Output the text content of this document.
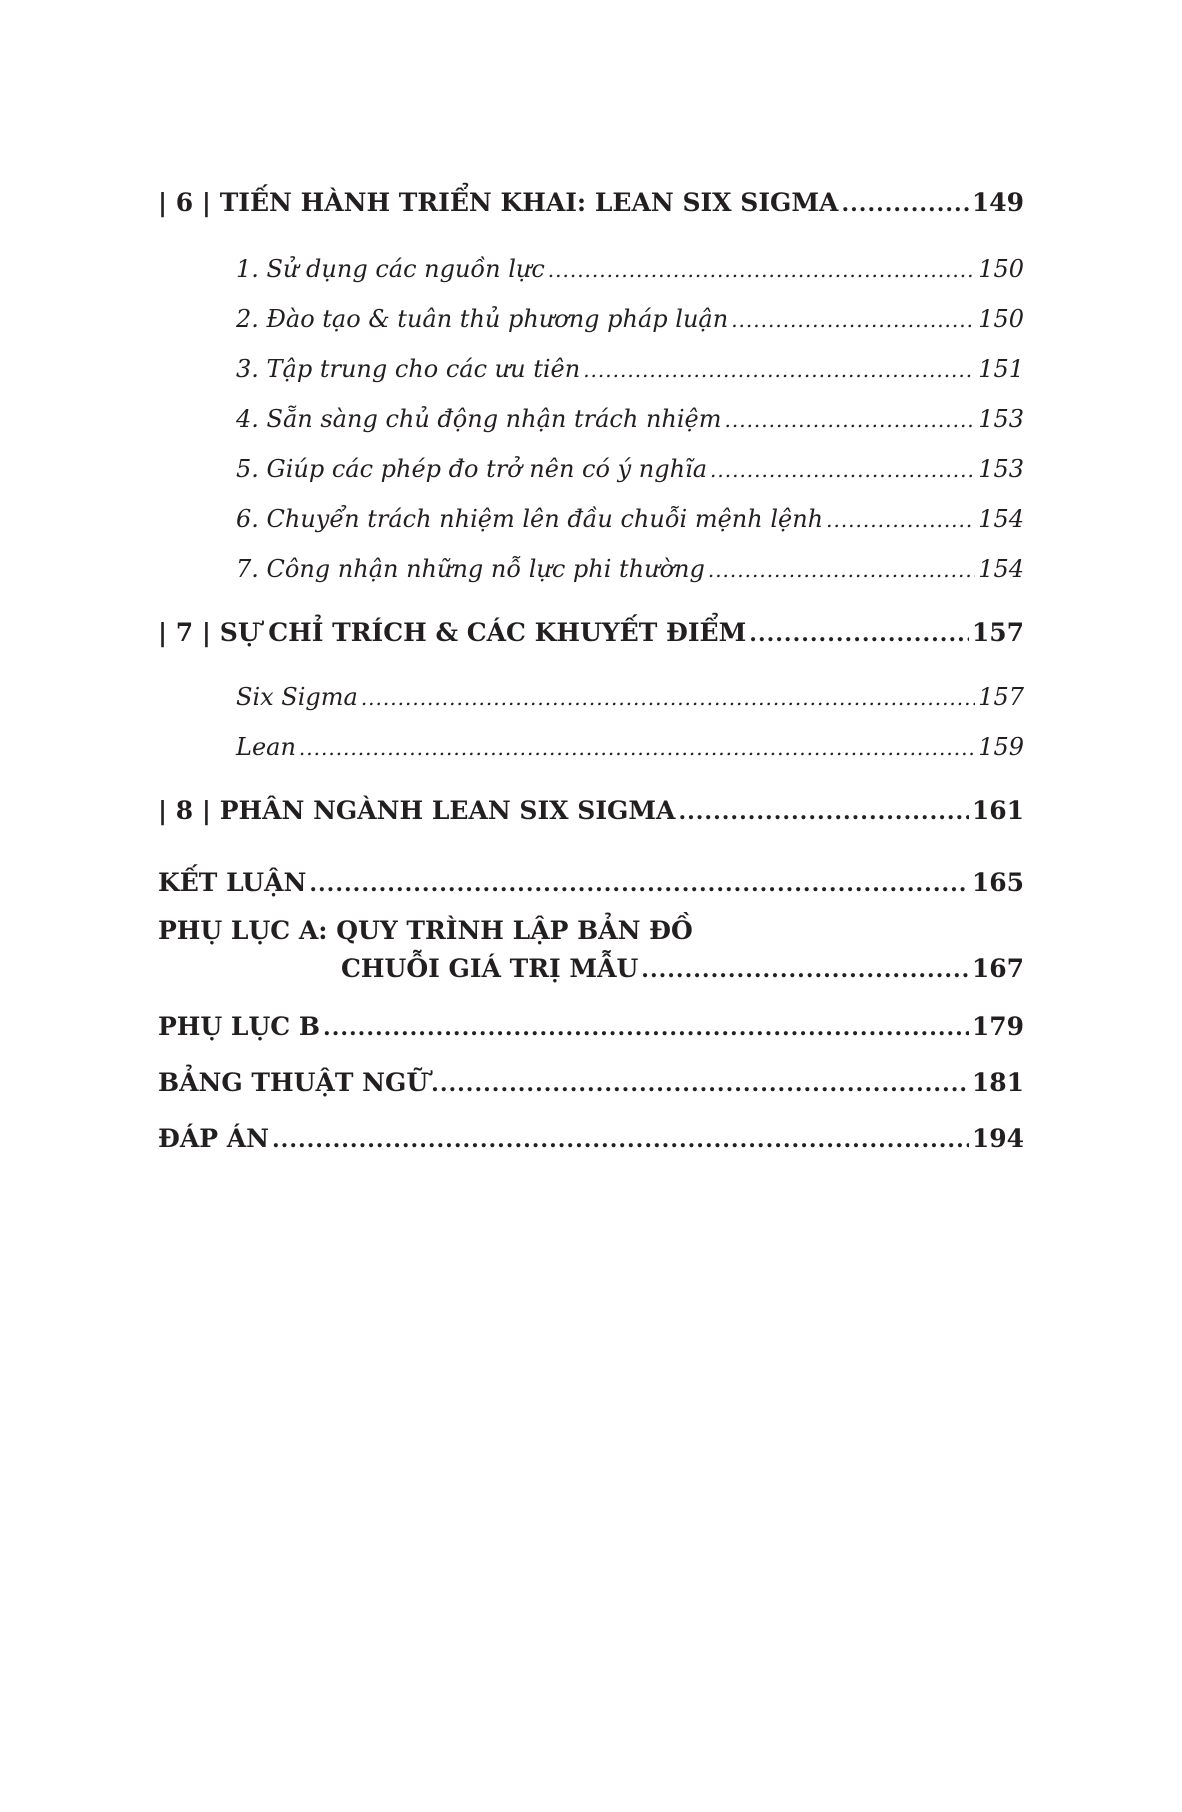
| 6 | TIẾN HÀNH TRIỂN KHAI: LEAN SIX SIGMA .....	149
1. Sử dụng các nguồn lực .....	150
2. Đào tạo & tuân thủ phương pháp luận .....	150
3. Tập trung cho các ưu tiên .....	151
4. Sẵn sàng chủ động nhận trách nhiệm .....	153
5. Giúp các phép đo trở nên có ý nghĩa .....	153
6. Chuyển trách nhiệm lên đầu chuỗi mệnh lệnh .....	154
7. Công nhận những nỗ lực phi thường .....	154
| 7 | SỰ CHỈ TRÍCH & CÁC KHUYẾT ĐIỂM .....	157
Six Sigma .....	157
Lean .....	159
| 8 | PHÂN NGÀNH LEAN SIX SIGMA .....	161
KẾT LUẬN .....	165
PHỤ LỤC A: QUY TRÌNH LẬP BẢN ĐỒ
CHUỖI GIÁ TRỊ MẪU .....	167
PHỤ LỤC B .....	179
BẢNG THUẬT NGỮ .....	181
ĐÁP ÁN .....	194
